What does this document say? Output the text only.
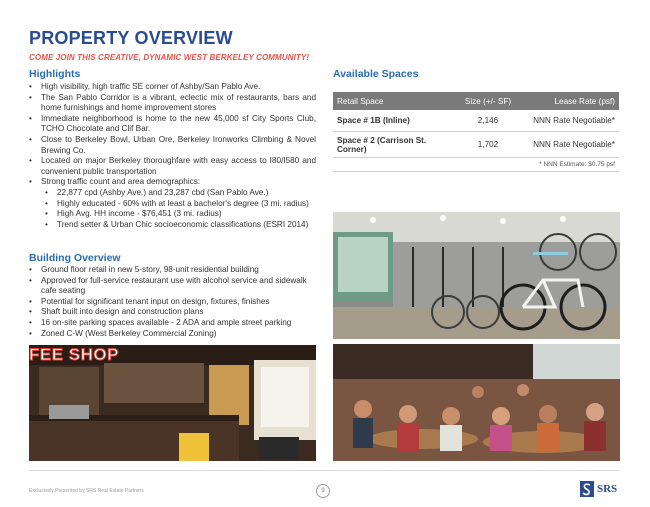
PROPERTY OVERVIEW
COME JOIN THIS CREATIVE, DYNAMIC WEST BERKELEY COMMUNITY!
Highlights
• High visibility, high traffic SE corner of Ashby/San Pablo Ave.
• The San Pablo Corridor is a vibrant, eclectic mix of restaurants, bars and home furnishings and home improvement stores
• Immediate neighborhood is home to the new 45,000 sf City Sports Club, TCHO Chocolate and Clif Bar.
• Close to Berkeley Bowl, Urban Ore, Berkeley Ironworks Climbing & Novel Brewing Co.
• Located on major Berkeley thoroughfare with easy access to I80/I580 and convenient public transportation
• Strong traffic count and area demographics:
• 22,877 cpd (Ashby Ave.) and 23,287 cbd (San Pablo Ave.)
• Highly educated - 60% with at least a bachelor's degree (3 mi. radius)
• High Avg. HH income - $76,451 (3 mi. radius)
• Trend setter & Urban Chic socioeconomic classifications (ESRI 2014)
Building Overview
• Ground floor retail in new 5-story, 98-unit residential building
• Approved for full-service restaurant use with alcohol service and sidewalk cafe seating
• Potential for significant tenant input on design, fixtures, finishes
• Shaft built into design and construction plans
• 16 on-site parking spaces available - 2 ADA and ample street parking
• Zoned C-W (West Berkeley Commercial Zoning)
Available Spaces
Retail Space	Size (+/- SF)	Lease Rate (psf)
Space # 1B (Inline)	2,146	NNN Rate Negotiable*
Space # 2 (Carrison St. Corner)	1,702	NNN Rate Negotiable*
* NNN Estimate: $0.75 psf
FEE SHOP
Exclusively Presented by SRS Real Estate Partners	9	SRS
